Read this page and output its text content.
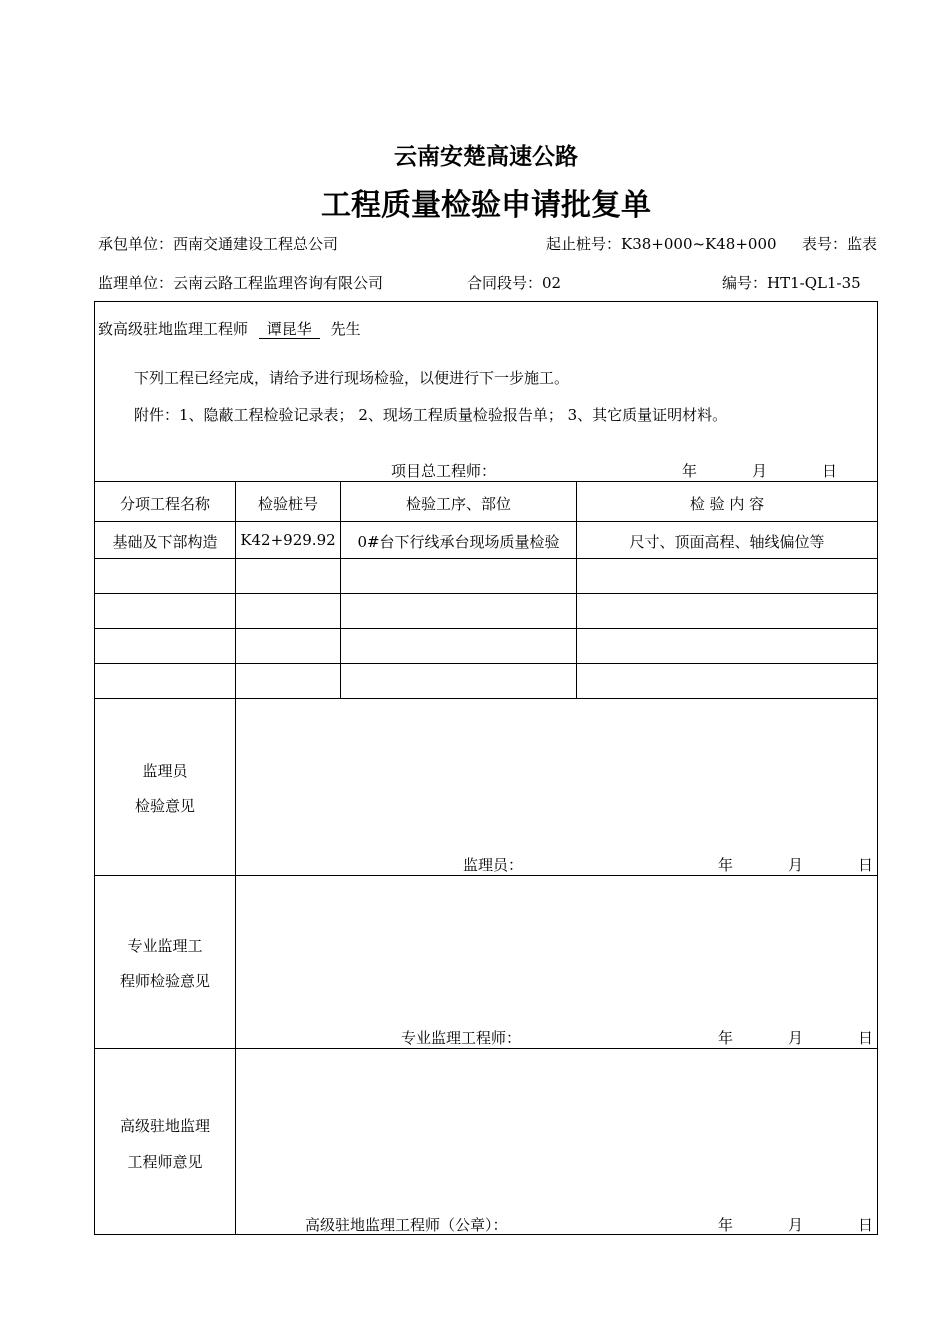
云南安楚高速公路
工程质量检验申请批复单
承包单位：西南交通建设工程总公司	起止桩号：K38+000~K48+000 表号：监表
监理单位：云南云路工程监理咨询有限公司	合同段号：02	编号：HT1-QL1-35
致高级驻地监理工程师 谭昆华 先生
下列工程已经完成，请给予进行现场检验，以便进行下一步施工。
附件：1、隐蔽工程检验记录表； 2、现场工程质量检验报告单； 3、其它质量证明材料。
项目总工程师：	年	月	日
分项工程名称	检验桩号	检验工序、部位	检 验 内 容
基础及下部构造	K42+929.92	0#台下行线承台现场质量检验	尺寸、顶面高程、轴线偏位等
监理员
检验意见
监理员：	年	月	日
专业监理工
程师检验意见
专业监理工程师：	年	月	日
高级驻地监理
工程师意见
高级驻地监理工程师（公章）：	年	月	日
